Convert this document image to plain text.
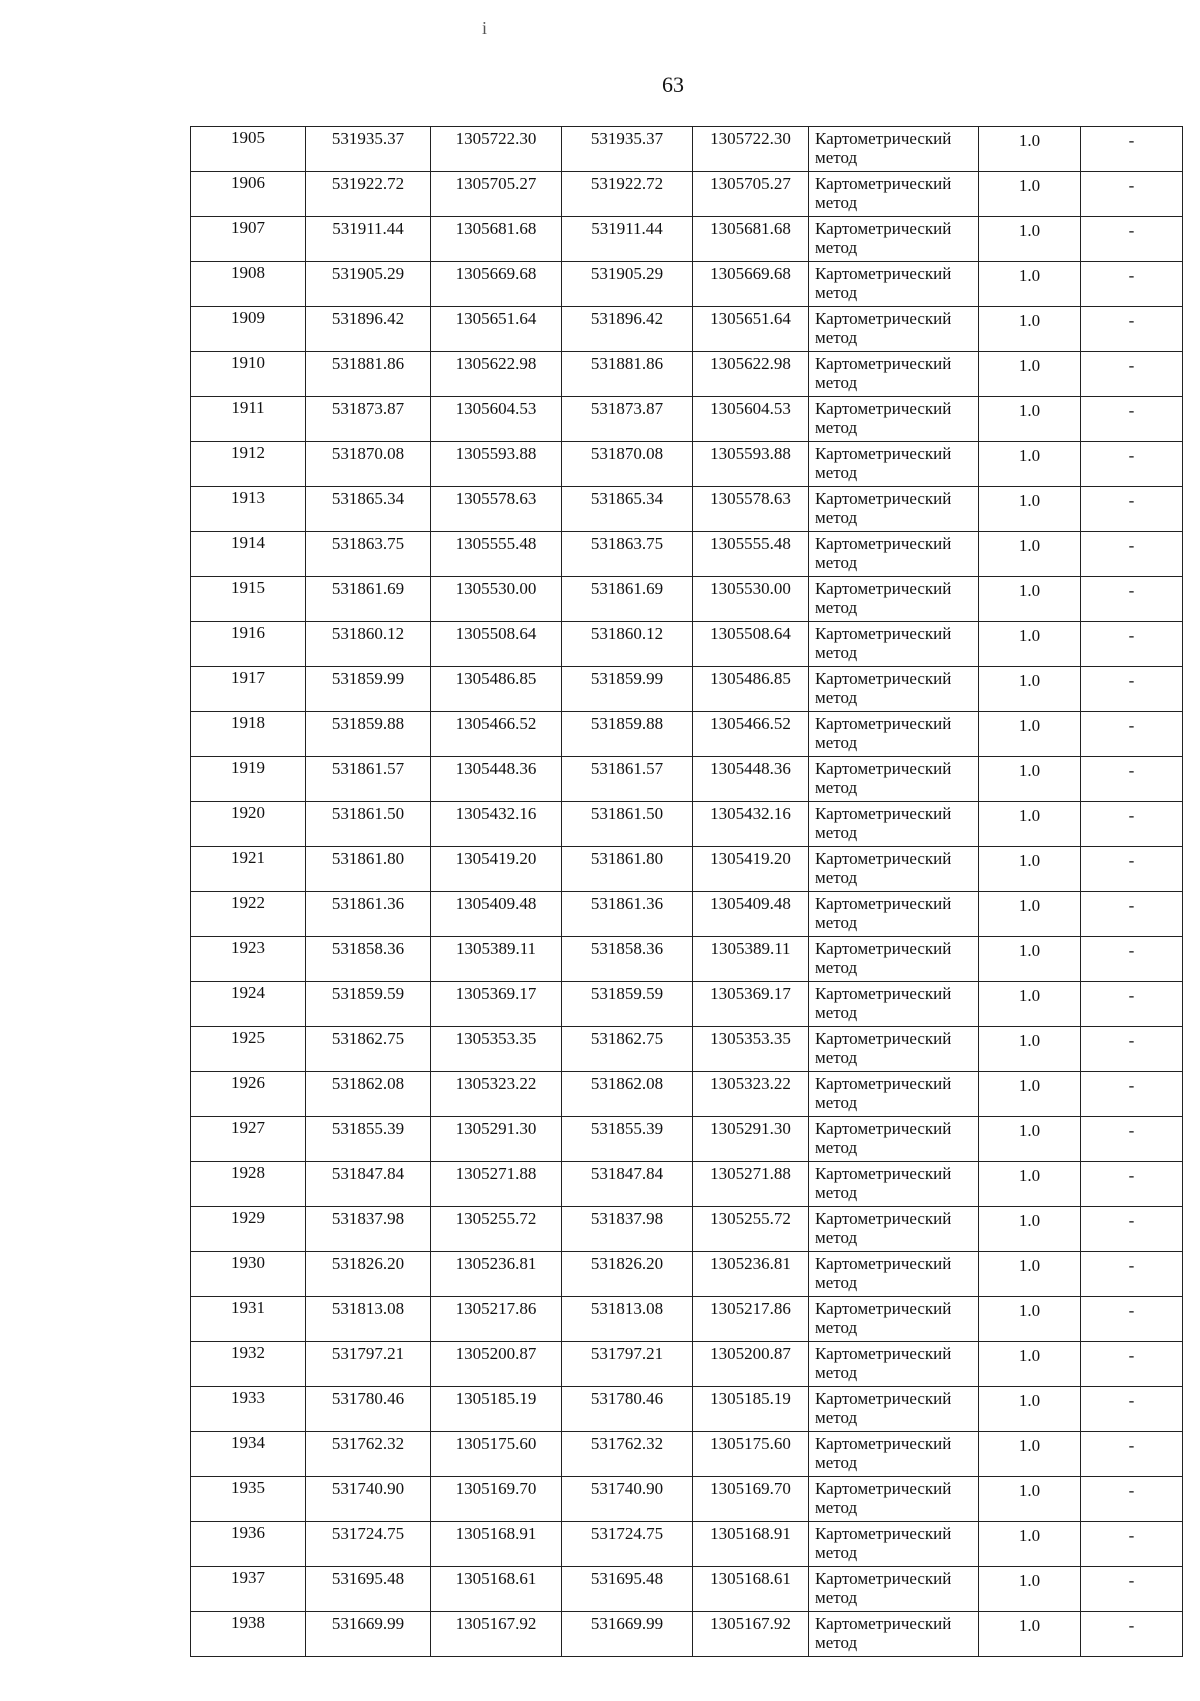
i
63
1905	531935.37	1305722.30	531935.37	1305722.30	Картометрический метод	1.0	-
1906	531922.72	1305705.27	531922.72	1305705.27	Картометрический метод	1.0	-
1907	531911.44	1305681.68	531911.44	1305681.68	Картометрический метод	1.0	-
1908	531905.29	1305669.68	531905.29	1305669.68	Картометрический метод	1.0	-
1909	531896.42	1305651.64	531896.42	1305651.64	Картометрический метод	1.0	-
1910	531881.86	1305622.98	531881.86	1305622.98	Картометрический метод	1.0	-
1911	531873.87	1305604.53	531873.87	1305604.53	Картометрический метод	1.0	-
1912	531870.08	1305593.88	531870.08	1305593.88	Картометрический метод	1.0	-
1913	531865.34	1305578.63	531865.34	1305578.63	Картометрический метод	1.0	-
1914	531863.75	1305555.48	531863.75	1305555.48	Картометрический метод	1.0	-
1915	531861.69	1305530.00	531861.69	1305530.00	Картометрический метод	1.0	-
1916	531860.12	1305508.64	531860.12	1305508.64	Картометрический метод	1.0	-
1917	531859.99	1305486.85	531859.99	1305486.85	Картометрический метод	1.0	-
1918	531859.88	1305466.52	531859.88	1305466.52	Картометрический метод	1.0	-
1919	531861.57	1305448.36	531861.57	1305448.36	Картометрический метод	1.0	-
1920	531861.50	1305432.16	531861.50	1305432.16	Картометрический метод	1.0	-
1921	531861.80	1305419.20	531861.80	1305419.20	Картометрический метод	1.0	-
1922	531861.36	1305409.48	531861.36	1305409.48	Картометрический метод	1.0	-
1923	531858.36	1305389.11	531858.36	1305389.11	Картометрический метод	1.0	-
1924	531859.59	1305369.17	531859.59	1305369.17	Картометрический метод	1.0	-
1925	531862.75	1305353.35	531862.75	1305353.35	Картометрический метод	1.0	-
1926	531862.08	1305323.22	531862.08	1305323.22	Картометрический метод	1.0	-
1927	531855.39	1305291.30	531855.39	1305291.30	Картометрический метод	1.0	-
1928	531847.84	1305271.88	531847.84	1305271.88	Картометрический метод	1.0	-
1929	531837.98	1305255.72	531837.98	1305255.72	Картометрический метод	1.0	-
1930	531826.20	1305236.81	531826.20	1305236.81	Картометрический метод	1.0	-
1931	531813.08	1305217.86	531813.08	1305217.86	Картометрический метод	1.0	-
1932	531797.21	1305200.87	531797.21	1305200.87	Картометрический метод	1.0	-
1933	531780.46	1305185.19	531780.46	1305185.19	Картометрический метод	1.0	-
1934	531762.32	1305175.60	531762.32	1305175.60	Картометрический метод	1.0	-
1935	531740.90	1305169.70	531740.90	1305169.70	Картометрический метод	1.0	-
1936	531724.75	1305168.91	531724.75	1305168.91	Картометрический метод	1.0	-
1937	531695.48	1305168.61	531695.48	1305168.61	Картометрический метод	1.0	-
1938	531669.99	1305167.92	531669.99	1305167.92	Картометрический метод	1.0	-
